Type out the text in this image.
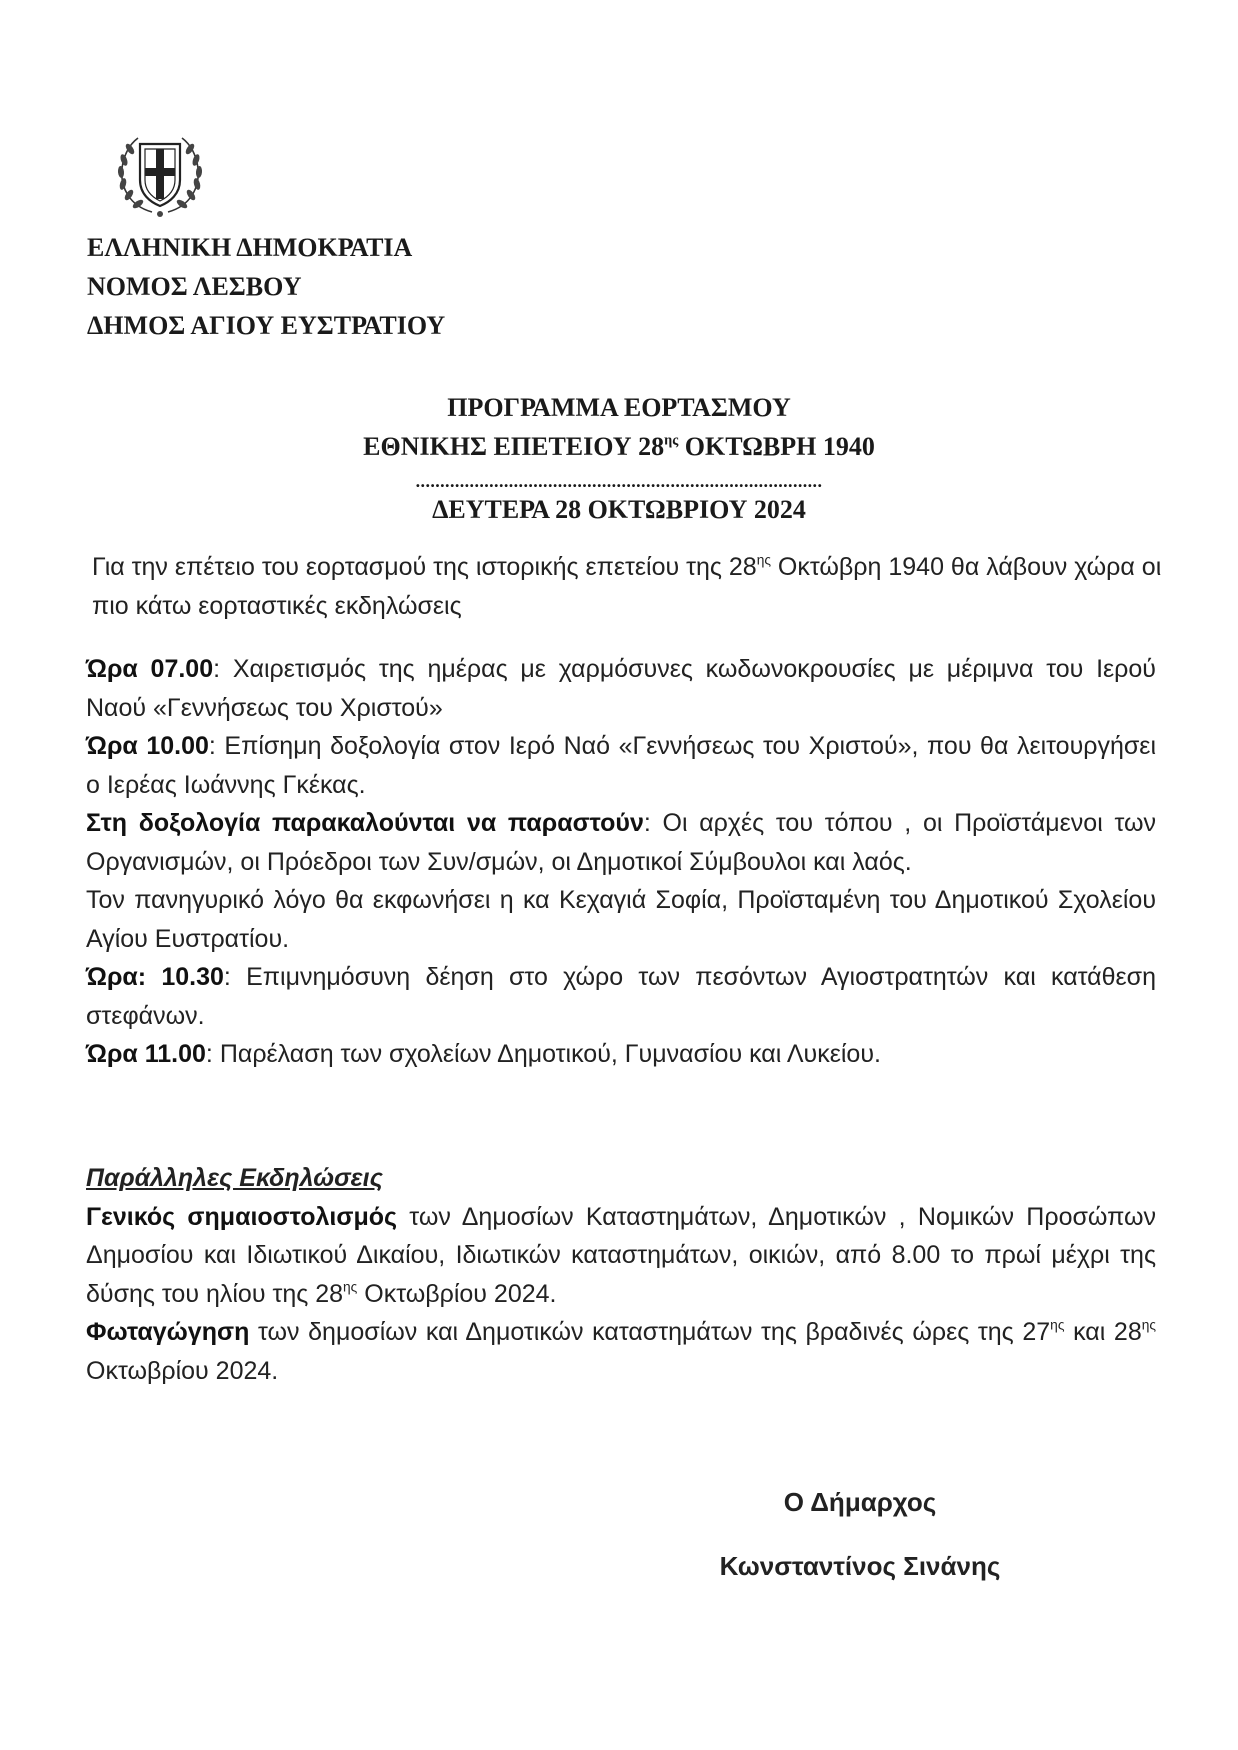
ΕΛΛΗΝΙΚΗ ΔΗΜΟΚΡΑΤΙΑ
ΝΟΜΟΣ ΛΕΣΒΟΥ
ΔΗΜΟΣ ΑΓΙΟΥ ΕΥΣΤΡΑΤΙΟΥ
ΠΡΟΓΡΑΜΜΑ ΕΟΡΤΑΣΜΟΥ
ΕΘΝΙΚΗΣ ΕΠΕΤΕΙΟΥ $28^{\eta\varsigma}$ ΟΚΤΩΒΡΗ 1940
...................................................................................
ΔΕΥΤΕΡΑ 28 ΟΚΤΩΒΡΙΟΥ 2024

Για την επέτειο του εορτασμού της ιστορικής επετείου της $28^{\eta\varsigma}$ Οκτώβρη 1940 θα λάβουν χώρα οι πιο κάτω εορταστικές εκδηλώσεις

Ώρα 07.00: Χαιρετισμός της ημέρας με χαρμόσυνες κωδωνοκρουσίες με μέριμνα του Ιερού Ναού «Γεννήσεως του Χριστού»

Ώρα 10.00: Επίσημη δοξολογία στον Ιερό Ναό «Γεννήσεως του Χριστού», που θα λειτουργήσει ο Ιερέας Ιωάννης Γκέκας.

Στη δοξολογία παρακαλούνται να παραστούν: Οι αρχές του τόπου , οι Προϊστάμενοι των Οργανισμών, οι Πρόεδροι των Συν/σμών, οι Δημοτικοί Σύμβουλοι και λαός.

Τον πανηγυρικό λόγο θα εκφωνήσει η κα Κεχαγιά Σοφία, Προϊσταμένη του Δημοτικού Σχολείου Αγίου Ευστρατίου.

Ώρα: 10.30: Επιμνημόσυνη δέηση στο χώρο των πεσόντων Αγιοστρατητών και κατάθεση στεφάνων.

Ώρα 11.00: Παρέλαση των σχολείων Δημοτικού, Γυμνασίου και Λυκείου.

Παράλληλες Εκδηλώσεις

Γενικός σημαιοστολισμός των Δημοσίων Καταστημάτων, Δημοτικών , Νομικών Προσώπων Δημοσίου και Ιδιωτικού Δικαίου, Ιδιωτικών καταστημάτων, οικιών, από 8.00 το πρωί μέχρι της δύσης του ηλίου της $28^{\eta\varsigma}$ Οκτωβρίου 2024.

Φωταγώγηση των δημοσίων και Δημοτικών καταστημάτων της βραδινές ώρες της $27^{\eta\varsigma}$ και $28^{\eta\varsigma}$ Οκτωβρίου 2024.

Ο Δήμαρχος
Κωνσταντίνος Σινάνης
